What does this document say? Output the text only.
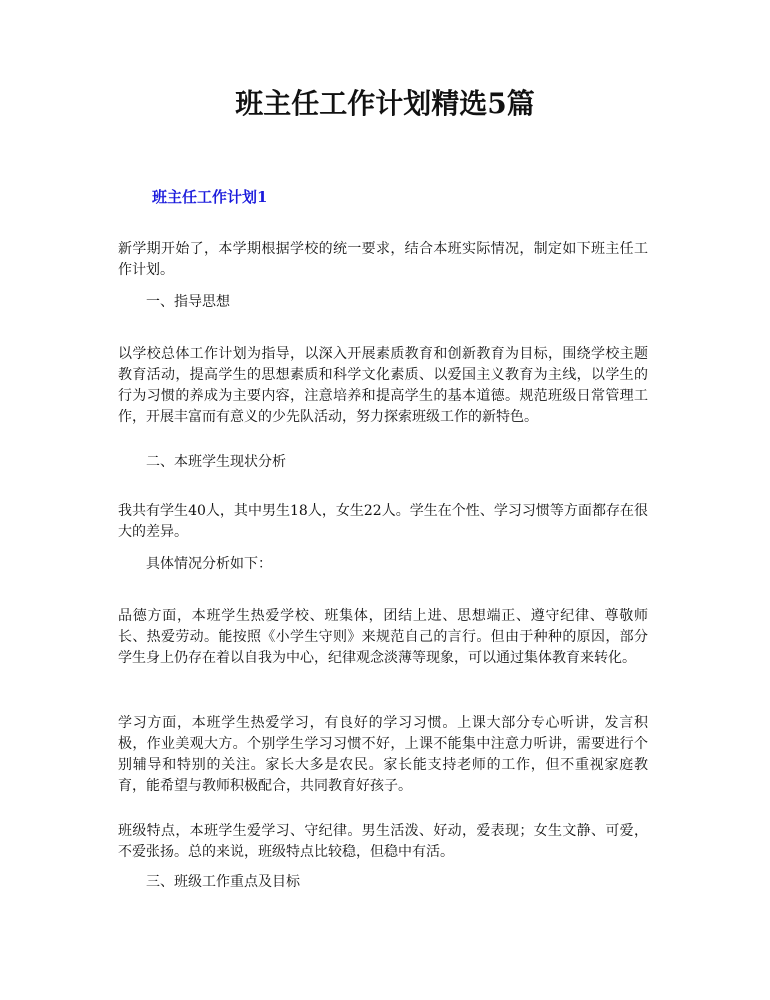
班主任工作计划精选5篇
班主任工作计划1

新学期开始了，本学期根据学校的统一要求，结合本班实际情况，制定如下班主任工作计划。

一、指导思想

以学校总体工作计划为指导，以深入开展素质教育和创新教育为目标，围绕学校主题教育活动，提高学生的思想素质和科学文化素质、以爱国主义教育为主线，以学生的行为习惯的养成为主要内容，注意培养和提高学生的基本道德。规范班级日常管理工作，开展丰富而有意义的少先队活动，努力探索班级工作的新特色。

二、本班学生现状分析

我共有学生40人，其中男生18人，女生22人。学生在个性、学习习惯等方面都存在很大的差异。

具体情况分析如下：

品德方面，本班学生热爱学校、班集体，团结上进、思想端正、遵守纪律、尊敬师长、热爱劳动。能按照《小学生守则》来规范自己的言行。但由于种种的原因，部分学生身上仍存在着以自我为中心，纪律观念淡薄等现象，可以通过集体教育来转化。

学习方面，本班学生热爱学习，有良好的学习习惯。上课大部分专心听讲，发言积极，作业美观大方。个别学生学习习惯不好，上课不能集中注意力听讲，需要进行个别辅导和特别的关注。家长大多是农民。家长能支持老师的工作，但不重视家庭教育，能希望与教师积极配合，共同教育好孩子。

班级特点，本班学生爱学习、守纪律。男生活泼、好动，爱表现；女生文静、可爱，不爱张扬。总的来说，班级特点比较稳，但稳中有活。

三、班级工作重点及目标
